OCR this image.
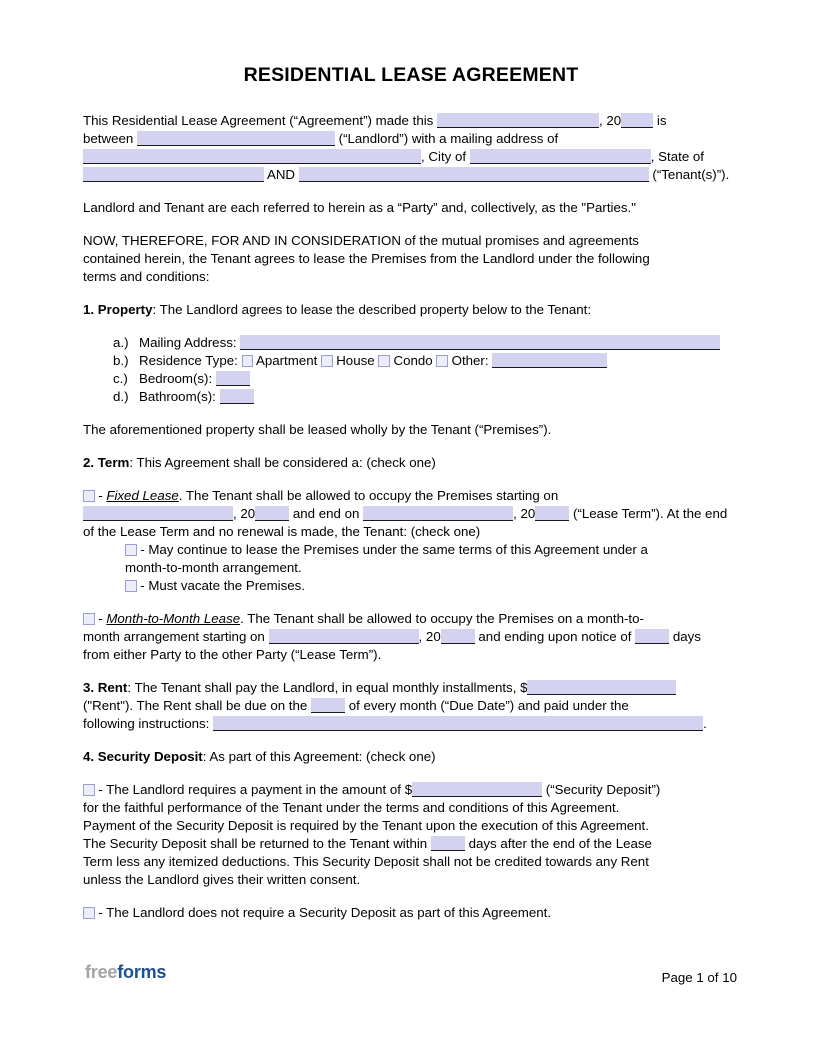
RESIDENTIAL LEASE AGREEMENT
This Residential Lease Agreement (“Agreement”) made this	, 20 is
between	(“Landlord”) with a mailing address of
, City of	, State of
AND	(“Tenant(s)”).
Landlord and Tenant are each referred to herein as a “Party” and, collectively, as the "Parties."
NOW, THEREFORE, FOR AND IN CONSIDERATION of the mutual promises and agreements
contained herein, the Tenant agrees to lease the Premises from the Landlord under the following
terms and conditions:
1. Property: The Landlord agrees to lease the described property below to the Tenant:
a.) Mailing Address:
b.) Residence Type:  Apartment  House  Condo  Other:
c.) Bedroom(s):
d.) Bathroom(s):
The aforementioned property shall be leased wholly by the Tenant (“Premises”).
2. Term: This Agreement shall be considered a: (check one)
- Fixed Lease. The Tenant shall be allowed to occupy the Premises starting on
, 20	and end on	, 20	(“Lease Term”). At the end
of the Lease Term and no renewal is made, the Tenant: (check one)
- May continue to lease the Premises under the same terms of this Agreement under a
month-to-month arrangement.
- Must vacate the Premises.
- Month-to-Month Lease. The Tenant shall be allowed to occupy the Premises on a month-to-
month arrangement starting on	, 20	and ending upon notice of	days
from either Party to the other Party (“Lease Term”).
3. Rent: The Tenant shall pay the Landlord, in equal monthly installments, $
("Rent"). The Rent shall be due on the	of every month (“Due Date”) and paid under the
following instructions:	.
4. Security Deposit: As part of this Agreement: (check one)
- The Landlord requires a payment in the amount of $	(“Security Deposit”)
for the faithful performance of the Tenant under the terms and conditions of this Agreement.
Payment of the Security Deposit is required by the Tenant upon the execution of this Agreement.
The Security Deposit shall be returned to the Tenant within	days after the end of the Lease
Term less any itemized deductions. This Security Deposit shall not be credited towards any Rent
unless the Landlord gives their written consent.
- The Landlord does not require a Security Deposit as part of this Agreement.
freeforms	Page 1 of 10
